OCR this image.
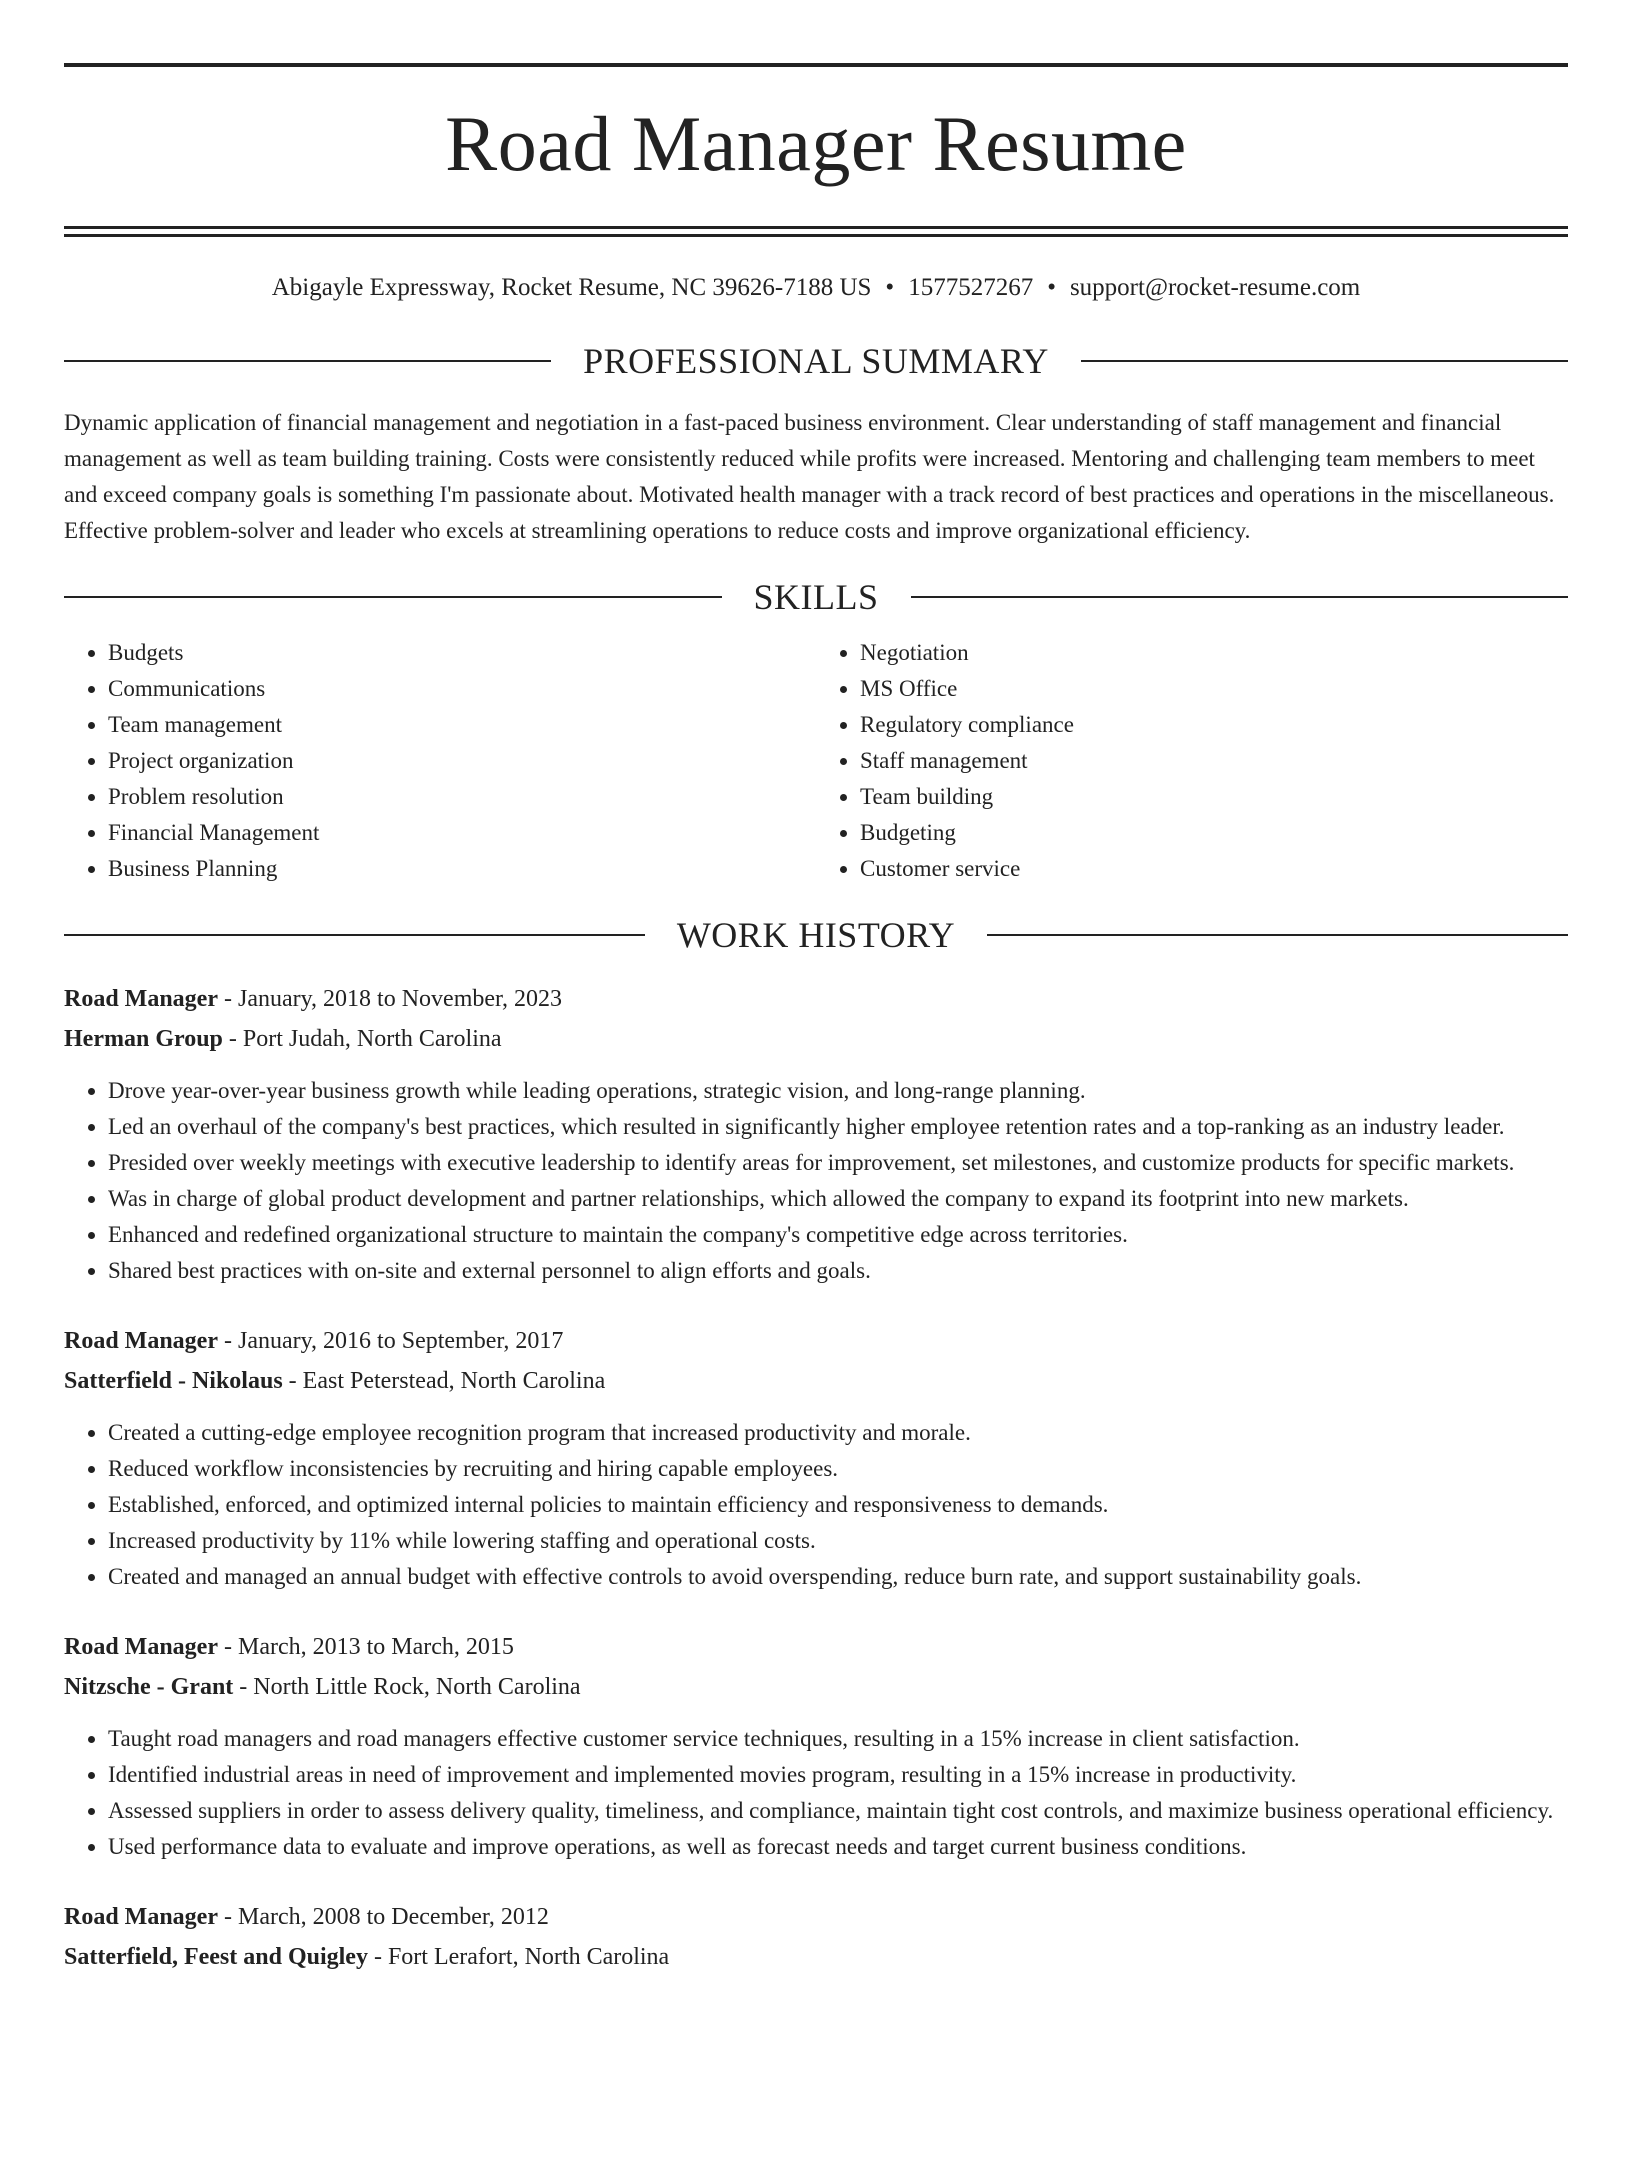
Road Manager Resume
Abigayle Expressway, Rocket Resume, NC 39626-7188 US • 1577527267 • support@rocket-resume.com
PROFESSIONAL SUMMARY
Dynamic application of financial management and negotiation in a fast-paced business environment. Clear understanding of staff management and financial management as well as team building training. Costs were consistently reduced while profits were increased. Mentoring and challenging team members to meet and exceed company goals is something I'm passionate about. Motivated health manager with a track record of best practices and operations in the miscellaneous. Effective problem-solver and leader who excels at streamlining operations to reduce costs and improve organizational efficiency.
SKILLS
• Budgets
• Communications
• Team management
• Project organization
• Problem resolution
• Financial Management
• Business Planning
• Negotiation
• MS Office
• Regulatory compliance
• Staff management
• Team building
• Budgeting
• Customer service
WORK HISTORY
Road Manager - January, 2018 to November, 2023
Herman Group - Port Judah, North Carolina
• Drove year-over-year business growth while leading operations, strategic vision, and long-range planning.
• Led an overhaul of the company's best practices, which resulted in significantly higher employee retention rates and a top-ranking as an industry leader.
• Presided over weekly meetings with executive leadership to identify areas for improvement, set milestones, and customize products for specific markets.
• Was in charge of global product development and partner relationships, which allowed the company to expand its footprint into new markets.
• Enhanced and redefined organizational structure to maintain the company's competitive edge across territories.
• Shared best practices with on-site and external personnel to align efforts and goals.
Road Manager - January, 2016 to September, 2017
Satterfield - Nikolaus - East Peterstead, North Carolina
• Created a cutting-edge employee recognition program that increased productivity and morale.
• Reduced workflow inconsistencies by recruiting and hiring capable employees.
• Established, enforced, and optimized internal policies to maintain efficiency and responsiveness to demands.
• Increased productivity by 11% while lowering staffing and operational costs.
• Created and managed an annual budget with effective controls to avoid overspending, reduce burn rate, and support sustainability goals.
Road Manager - March, 2013 to March, 2015
Nitzsche - Grant - North Little Rock, North Carolina
• Taught road managers and road managers effective customer service techniques, resulting in a 15% increase in client satisfaction.
• Identified industrial areas in need of improvement and implemented movies program, resulting in a 15% increase in productivity.
• Assessed suppliers in order to assess delivery quality, timeliness, and compliance, maintain tight cost controls, and maximize business operational efficiency.
• Used performance data to evaluate and improve operations, as well as forecast needs and target current business conditions.
Road Manager - March, 2008 to December, 2012
Satterfield, Feest and Quigley - Fort Lerafort, North Carolina
